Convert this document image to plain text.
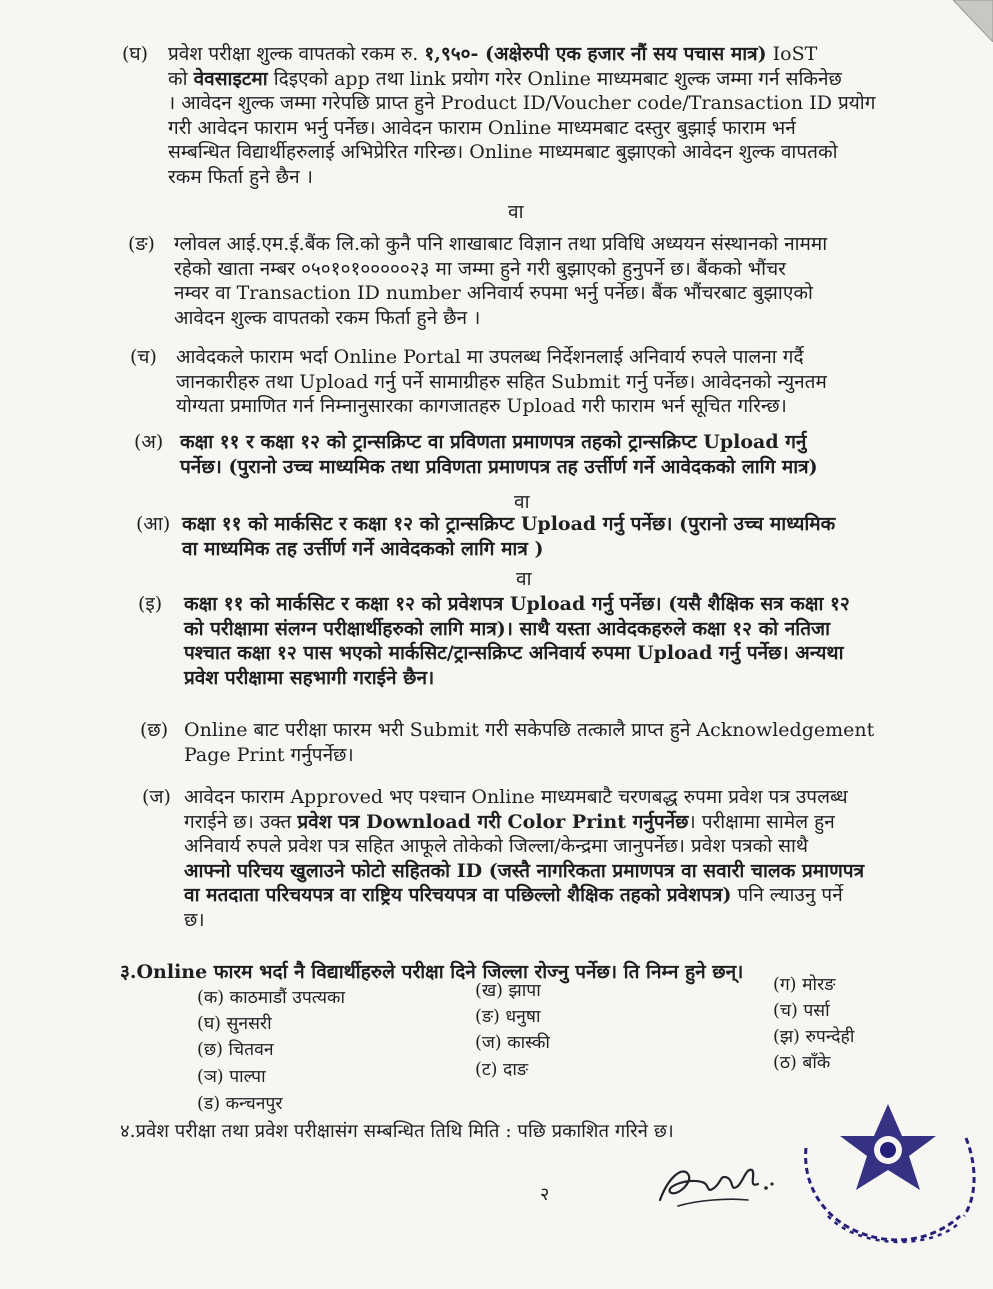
(घ) प्रवेश परीक्षा शुल्क वापतको रकम रु. १,९५०- (अक्षेरुपी एक हजार नौं सय पचास मात्र) IoST
को वेवसाइटमा दिइएको app तथा link प्रयोग गरेर Online माध्यमबाट शुल्क जम्मा गर्न सकिनेछ
। आवेदन शुल्क जम्मा गरेपछि प्राप्त हुने Product ID/Voucher code/Transaction ID प्रयोग
गरी आवेदन फाराम भर्नु पर्नेछ। आवेदन फाराम Online माध्यमबाट दस्तुर बुझाई फाराम भर्न
सम्बन्धित विद्यार्थीहरुलाई अभिप्रेरित गरिन्छ। Online माध्यमबाट बुझाएको आवेदन शुल्क वापतको
रकम फिर्ता हुने छैन ।
वा
(ङ) ग्लोवल आई.एम.ई.बैंक लि.को कुनै पनि शाखाबाट विज्ञान तथा प्रविधि अध्ययन संस्थानको नाममा
रहेको खाता नम्बर ०५०१०१०००००२३ मा जम्मा हुने गरी बुझाएको हुनुपर्ने छ। बैंकको भौंचर
नम्वर वा Transaction ID number अनिवार्य रुपमा भर्नु पर्नेछ। बैंक भौंचरबाट बुझाएको
आवेदन शुल्क वापतको रकम फिर्ता हुने छैन ।
(च) आवेदकले फाराम भर्दा Online Portal मा उपलब्ध निर्देशनलाई अनिवार्य रुपले पालना गर्दै
जानकारीहरु तथा Upload गर्नु पर्ने सामाग्रीहरु सहित Submit गर्नु पर्नेछ। आवेदनको न्युनतम
योग्यता प्रमाणित गर्न निम्नानुसारका कागजातहरु Upload गरी फाराम भर्न सूचित गरिन्छ।
(अ) कक्षा ११ र कक्षा १२ को ट्रान्सक्रिप्ट वा प्रविणता प्रमाणपत्र तहको ट्रान्सक्रिप्ट Upload गर्नु
पर्नेछ। (पुरानो उच्च माध्यमिक तथा प्रविणता प्रमाणपत्र तह उर्त्तीर्ण गर्ने आवेदकको लागि मात्र)
वा
(आ) कक्षा ११ को मार्कसिट र कक्षा १२ को ट्रान्सक्रिप्ट Upload गर्नु पर्नेछ। (पुरानो उच्च माध्यमिक
वा माध्यमिक तह उर्त्तीर्ण गर्ने आवेदकको लागि मात्र )
वा
(इ) कक्षा ११ को मार्कसिट र कक्षा १२ को प्रवेशपत्र Upload गर्नु पर्नेछ। (यसै शैक्षिक सत्र कक्षा १२
को परीक्षामा संलग्न परीक्षार्थीहरुको लागि मात्र)। साथै यस्ता आवेदकहरुले कक्षा १२ को नतिजा
पश्चात कक्षा १२ पास भएको मार्कसिट/ट्रान्सक्रिप्ट अनिवार्य रुपमा Upload गर्नु पर्नेछ। अन्यथा
प्रवेश परीक्षामा सहभागी गराईने छैन।
(छ) Online बाट परीक्षा फारम भरी Submit गरी सकेपछि तत्कालै प्राप्त हुने Acknowledgement
Page Print गर्नुपर्नेछ।
(ज) आवेदन फाराम Approved भए पश्चान Online माध्यमबाटै चरणबद्ध रुपमा प्रवेश पत्र उपलब्ध
गराईने छ। उक्त प्रवेश पत्र Download गरी Color Print गर्नुपर्नेछ। परीक्षामा सामेल हुन
अनिवार्य रुपले प्रवेश पत्र सहित आफूले तोकेको जिल्ला/केन्द्रमा जानुपर्नेछ। प्रवेश पत्रको साथै
आफ्नो परिचय खुलाउने फोटो सहितको ID (जस्तै नागरिकता प्रमाणपत्र वा सवारी चालक प्रमाणपत्र
वा मतदाता परिचयपत्र वा राष्ट्रिय परिचयपत्र वा पछिल्लो शैक्षिक तहको प्रवेशपत्र) पनि ल्याउनु पर्ने
छ।
३.Online फारम भर्दा नै विद्यार्थीहरुले परीक्षा दिने जिल्ला रोज्नु पर्नेछ। ति निम्न हुने छन्।
(क) काठमाडौं उपत्यका
(घ) सुनसरी
(छ) चितवन
(ञ) पाल्पा
(ड) कन्चनपुर
(ख) झापा
(ङ) धनुषा
(ज) कास्की
(ट) दाङ
(ग) मोरङ
(च) पर्सा
(झ) रुपन्देही
(ठ) बाँके
४.प्रवेश परीक्षा तथा प्रवेश परीक्षासंग सम्बन्धित तिथि मिति : पछि प्रकाशित गरिने छ।
२
